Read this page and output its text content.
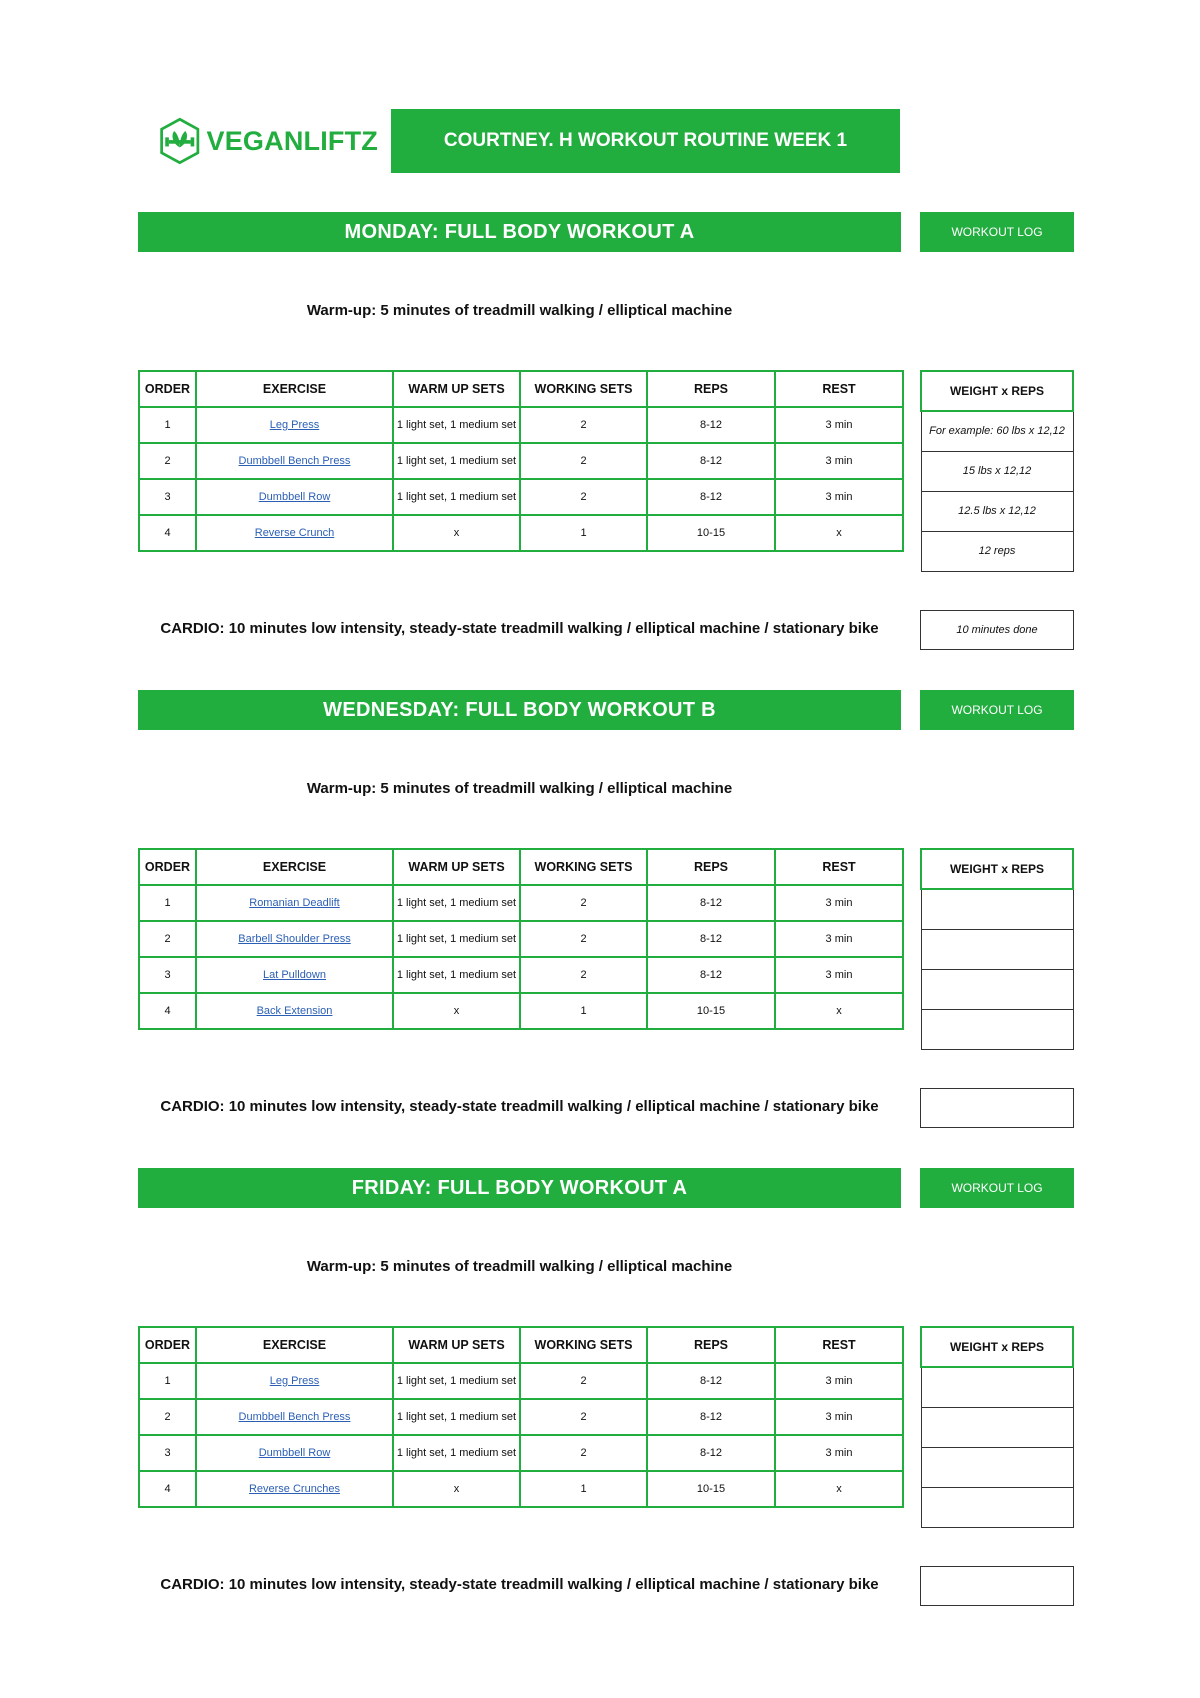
VEGANLIFTZ	COURTNEY. H WORKOUT ROUTINE WEEK 1
MONDAY: FULL BODY WORKOUT A	WORKOUT LOG
Warm-up: 5 minutes of treadmill walking / elliptical machine
ORDER	EXERCISE	WARM UP SETS	WORKING SETS	REPS	REST
1	Leg Press	1 light set, 1 medium set	2	8-12	3 min
2	Dumbbell Bench Press	1 light set, 1 medium set	2	8-12	3 min
3	Dumbbell Row	1 light set, 1 medium set	2	8-12	3 min
4	Reverse Crunch	x	1	10-15	x
WEIGHT x REPS
For example: 60 lbs x 12,12
15 lbs x 12,12
12.5 lbs x 12,12
12 reps
CARDIO: 10 minutes low intensity, steady-state treadmill walking / elliptical machine / stationary bike	10 minutes done
WEDNESDAY: FULL BODY WORKOUT B	WORKOUT LOG
Warm-up: 5 minutes of treadmill walking / elliptical machine
ORDER	EXERCISE	WARM UP SETS	WORKING SETS	REPS	REST
1	Romanian Deadlift	1 light set, 1 medium set	2	8-12	3 min
2	Barbell Shoulder Press	1 light set, 1 medium set	2	8-12	3 min
3	Lat Pulldown	1 light set, 1 medium set	2	8-12	3 min
4	Back Extension	x	1	10-15	x
WEIGHT x REPS

CARDIO: 10 minutes low intensity, steady-state treadmill walking / elliptical machine / stationary bike
FRIDAY: FULL BODY WORKOUT A	WORKOUT LOG
Warm-up: 5 minutes of treadmill walking / elliptical machine
ORDER	EXERCISE	WARM UP SETS	WORKING SETS	REPS	REST
1	Leg Press	1 light set, 1 medium set	2	8-12	3 min
2	Dumbbell Bench Press	1 light set, 1 medium set	2	8-12	3 min
3	Dumbbell Row	1 light set, 1 medium set	2	8-12	3 min
4	Reverse Crunches	x	1	10-15	x
WEIGHT x REPS

CARDIO: 10 minutes low intensity, steady-state treadmill walking / elliptical machine / stationary bike
